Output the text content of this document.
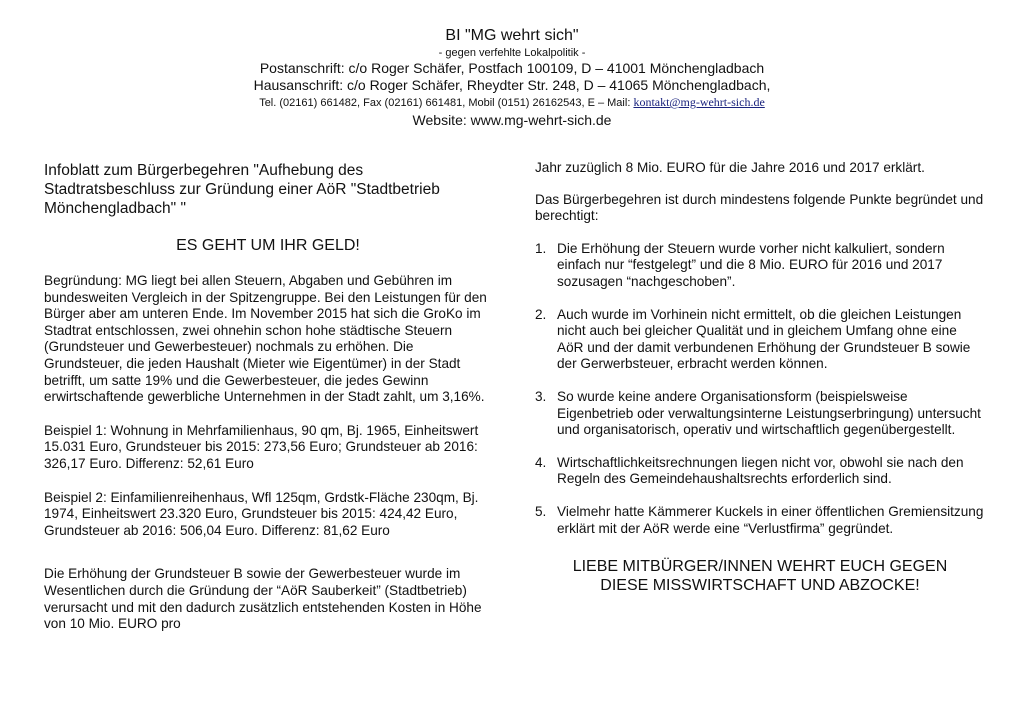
BI "MG wehrt sich"
- gegen verfehlte Lokalpolitik -
Postanschrift: c/o Roger Schäfer, Postfach 100109, D – 41001 Mönchengladbach
Hausanschrift: c/o Roger Schäfer, Rheydter Str. 248, D – 41065 Mönchengladbach,
Tel. (02161) 661482, Fax (02161) 661481, Mobil (0151) 26162543, E – Mail: kontakt@mg-wehrt-sich.de
Website: www.mg-wehrt-sich.de

Infoblatt zum Bürgerbegehren "Aufhebung des Stadtratsbeschluss zur Gründung einer AöR "Stadtbetrieb Mönchengladbach" "

ES GEHT UM IHR GELD!

Begründung: MG liegt bei allen Steuern, Abgaben und Gebühren im bundesweiten Vergleich in der Spitzengruppe. Bei den Leistungen für den Bürger aber am unteren Ende. Im November 2015 hat sich die GroKo im Stadtrat entschlossen, zwei ohnehin schon hohe städtische Steuern (Grundsteuer und Gewerbesteuer) nochmals zu erhöhen. Die Grundsteuer, die jeden Haushalt (Mieter wie Eigentümer) in der Stadt betrifft, um satte 19% und die Gewerbesteuer, die jedes Gewinn erwirtschaftende gewerbliche Unternehmen in der Stadt zahlt, um 3,16%.

Beispiel 1: Wohnung in Mehrfamilienhaus, 90 qm, Bj. 1965, Einheitswert 15.031 Euro, Grundsteuer bis 2015: 273,56 Euro; Grundsteuer ab 2016: 326,17 Euro. Differenz: 52,61 Euro

Beispiel 2: Einfamilienreihenhaus, Wfl 125qm, Grdstk-Fläche 230qm, Bj. 1974, Einheitswert 23.320 Euro, Grundsteuer bis 2015: 424,42 Euro, Grundsteuer ab 2016: 506,04 Euro. Differenz: 81,62 Euro

Die Erhöhung der Grundsteuer B sowie der Gewerbesteuer wurde im Wesentlichen durch die Gründung der “AöR Sauberkeit” (Stadtbetrieb) verursacht und mit den dadurch zusätzlich entstehenden Kosten in Höhe von 10 Mio. EURO pro

Jahr zuzüglich 8 Mio. EURO für die Jahre 2016 und 2017 erklärt.

Das Bürgerbegehren ist durch mindestens folgende Punkte begründet und berechtigt:

1. Die Erhöhung der Steuern wurde vorher nicht kalkuliert, sondern einfach nur “festgelegt” und die 8 Mio. EURO für 2016 und 2017 sozusagen “nachgeschoben”.
2. Auch wurde im Vorhinein nicht ermittelt, ob die gleichen Leistungen nicht auch bei gleicher Qualität und in gleichem Umfang ohne eine AöR und der damit verbundenen Erhöhung der Grundsteuer B sowie der Gerwerbsteuer, erbracht werden können.
3. So wurde keine andere Organisationsform (beispielsweise Eigenbetrieb oder verwaltungsinterne Leistungserbringung) untersucht und organisatorisch, operativ und wirtschaftlich gegenübergestellt.
4. Wirtschaftlichkeitsrechnungen liegen nicht vor, obwohl sie nach den Regeln des Gemeindehaushaltsrechts erforderlich sind.
5. Vielmehr hatte Kämmerer Kuckels in einer öffentlichen Gremiensitzung erklärt mit der AöR werde eine “Verlustfirma” gegründet.
LIEBE MITBÜRGER/INNEN WEHRT EUCH GEGEN
DIESE MISSWIRTSCHAFT UND ABZOCKE!
